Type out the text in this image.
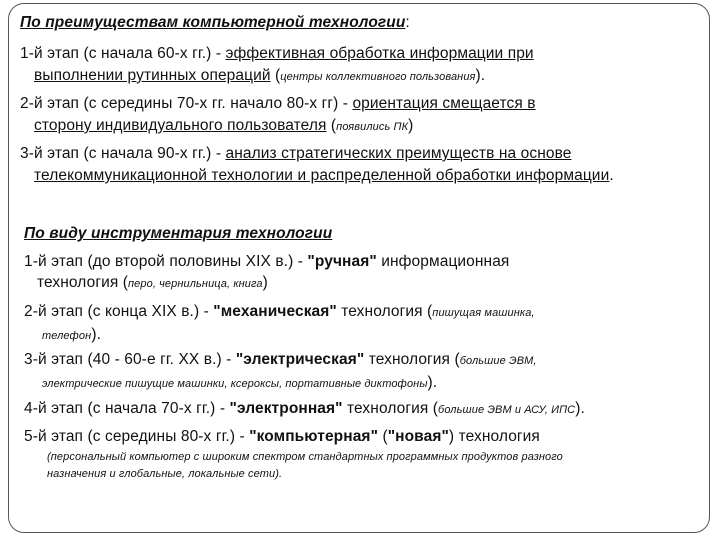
По преимуществам компьютерной технологии:
1-й этап (с начала 60-х гг.) - эффективная обработка информации при
выполнении рутинных операций (центры коллективного пользования).
2-й этап (с середины 70-х гг. начало 80-х гг) - ориентация смещается в
сторону индивидуального пользователя (появились ПК)
3-й этап (с начала 90-х гг.) - анализ стратегических преимуществ на основе
телекоммуникационной технологии и распределенной обработки информации.
По виду инструментария технологии
1-й этап (до второй половины XIX в.) - "ручная" информационная
технология (перо, чернильница, книга)
2-й этап (с конца XIX в.) - "механическая" технология (пишущая машинка,
телефон).
3-й этап (40 - 60-е гг. XX в.) - "электрическая" технология (большие ЭВМ,
электрические пишущие машинки, ксероксы, портативные диктофоны).
4-й этап (с начала 70-х гг.) - "электронная" технология (большие ЭВМ и АСУ, ИПС).
5-й этап (с середины 80-х гг.) - "компьютерная" ("новая") технология
(персональный компьютер с широким спектром стандартных программных продуктов разного
назначения и глобальные, локальные сети).
